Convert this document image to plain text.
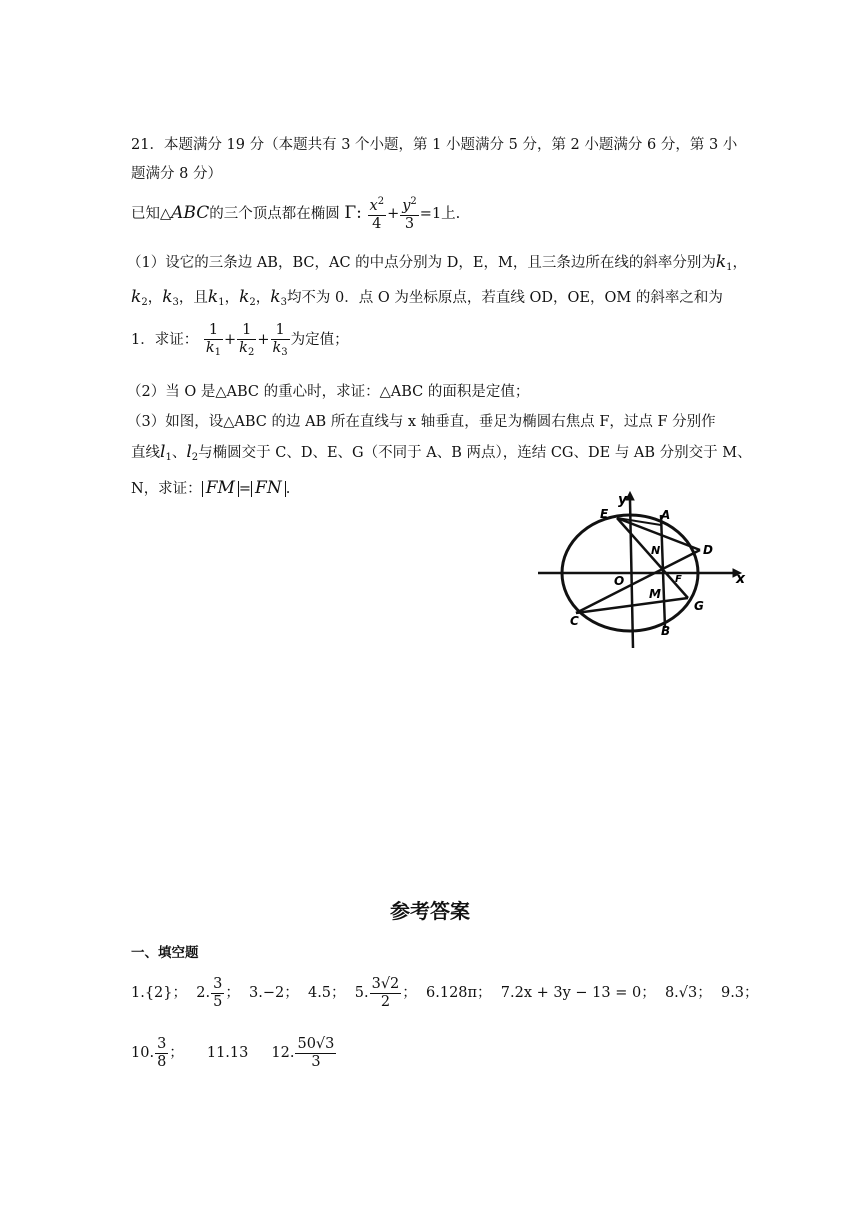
21．本题满分 19 分（本题共有 3 个小题，第 1 小题满分 5 分，第 2 小题满分 6 分，第 3 小
题满分 8 分）
已知△ABC的三个顶点都在椭圆 Γ: $\frac{x^2}{4} + \frac{y^2}{3} =1$上.
（1）设它的三条边 AB，BC，AC 的中点分别为 D，E，M，且三条边所在线的斜率分别为$k_1$，
$k_2$，$k_3$，且$k_1$，$k_2$，$k_3$均不为 0．点 O 为坐标原点，若直线 OD，OE，OM 的斜率之和为
1．求证： $\frac{1}{k_1} + \frac{1}{k_2} + \frac{1}{k_3}$ 为定值；
（2）当 O 是△ABC 的重心时，求证：△ABC 的面积是定值；
（3）如图，设△ABC 的边 AB 所在直线与 x 轴垂直，垂足为椭圆右焦点 F，过点 F 分别作
直线$l_1$、$l_2$与椭圆交于 C、D、E、G（不同于 A、B 两点），连结 CG、DE 与 AB 分别交于 M、
N，求证： FM = FN .
E	A
D
N
O	F
M
G
C
B
x
y
参考答案
一、填空题
1.{2}；  2. $\frac{3}{5}$ ；  3.−2； 4.5；  5. $\frac{3√2}{2}$ ；  6.128π； 7.2x + 3y − 13 = 0； 8.√3； 9.3；
10. $\frac{3}{8}$ ；     11.13     12. $\frac{50√3}{3}$
